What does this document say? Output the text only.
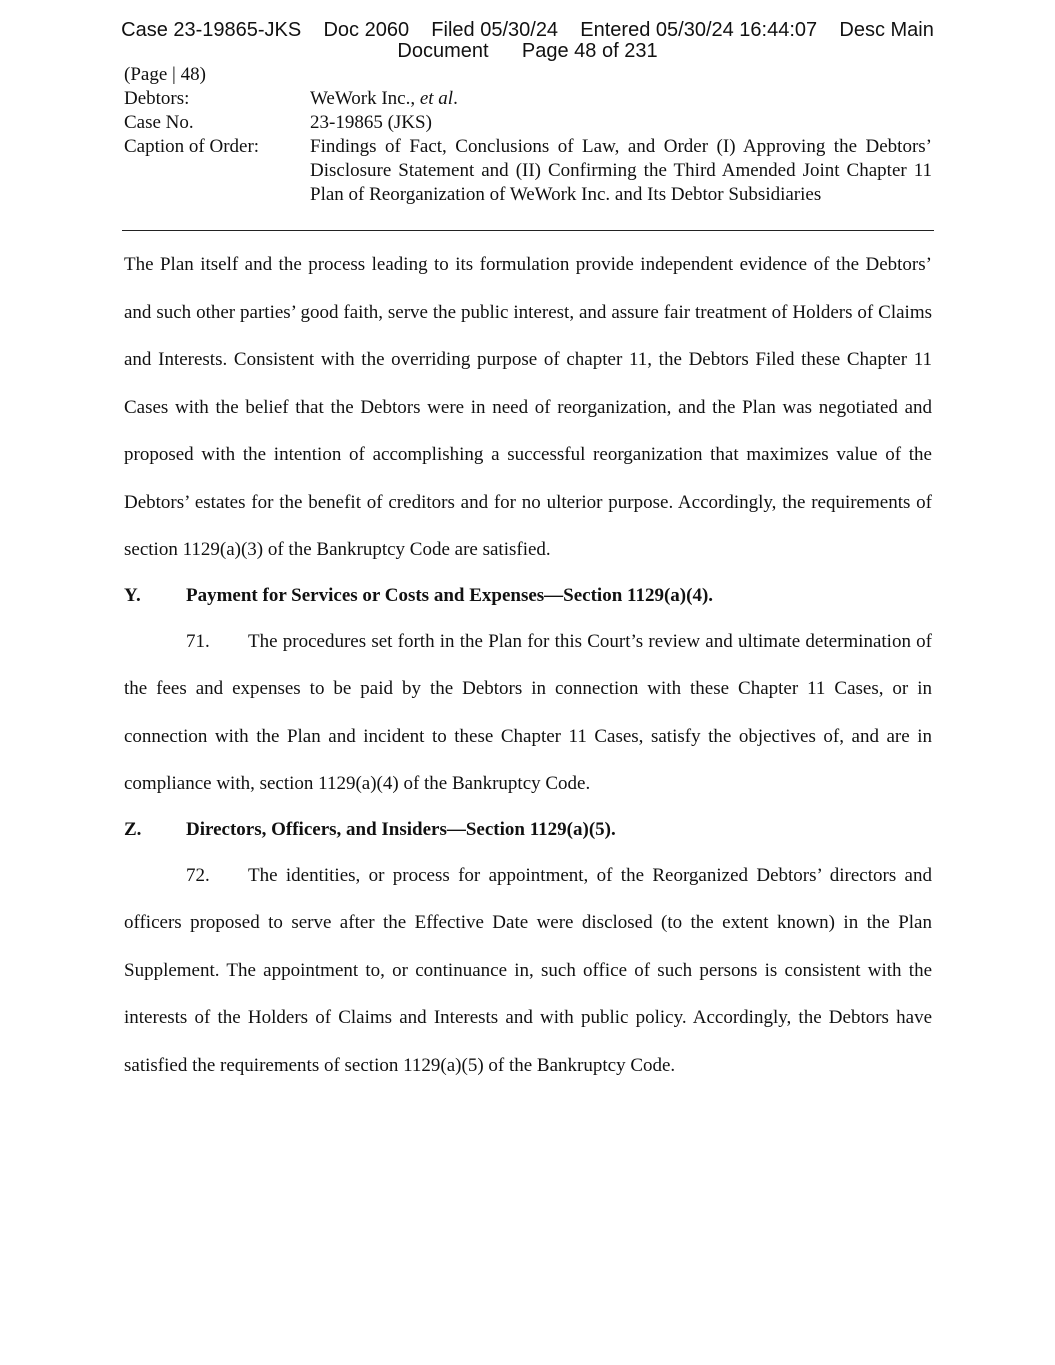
Case 23-19865-JKS    Doc 2060    Filed 05/30/24    Entered 05/30/24 16:44:07    Desc Main
Document      Page 48 of 231
(Page | 48)
Debtors:	WeWork Inc., et al.
Case No.	23-19865 (JKS)
Caption of Order:	Findings of Fact, Conclusions of Law, and Order (I) Approving the Debtors’ Disclosure Statement and (II) Confirming the Third Amended Joint Chapter 11 Plan of Reorganization of WeWork Inc. and Its Debtor Subsidiaries

The Plan itself and the process leading to its formulation provide independent evidence of the Debtors’ and such other parties’ good faith, serve the public interest, and assure fair treatment of Holders of Claims and Interests. Consistent with the overriding purpose of chapter 11, the Debtors Filed these Chapter 11 Cases with the belief that the Debtors were in need of reorganization, and the Plan was negotiated and proposed with the intention of accomplishing a successful reorganization that maximizes value of the Debtors’ estates for the benefit of creditors and for no ulterior purpose. Accordingly, the requirements of section 1129(a)(3) of the Bankruptcy Code are satisfied.

Y.	Payment for Services or Costs and Expenses—Section 1129(a)(4).

71. The procedures set forth in the Plan for this Court’s review and ultimate determination of the fees and expenses to be paid by the Debtors in connection with these Chapter 11 Cases, or in connection with the Plan and incident to these Chapter 11 Cases, satisfy the objectives of, and are in compliance with, section 1129(a)(4) of the Bankruptcy Code.

Z.	Directors, Officers, and Insiders—Section 1129(a)(5).

72. The identities, or process for appointment, of the Reorganized Debtors’ directors and officers proposed to serve after the Effective Date were disclosed (to the extent known) in the Plan Supplement. The appointment to, or continuance in, such office of such persons is consistent with the interests of the Holders of Claims and Interests and with public policy. Accordingly, the Debtors have satisfied the requirements of section 1129(a)(5) of the Bankruptcy Code.
